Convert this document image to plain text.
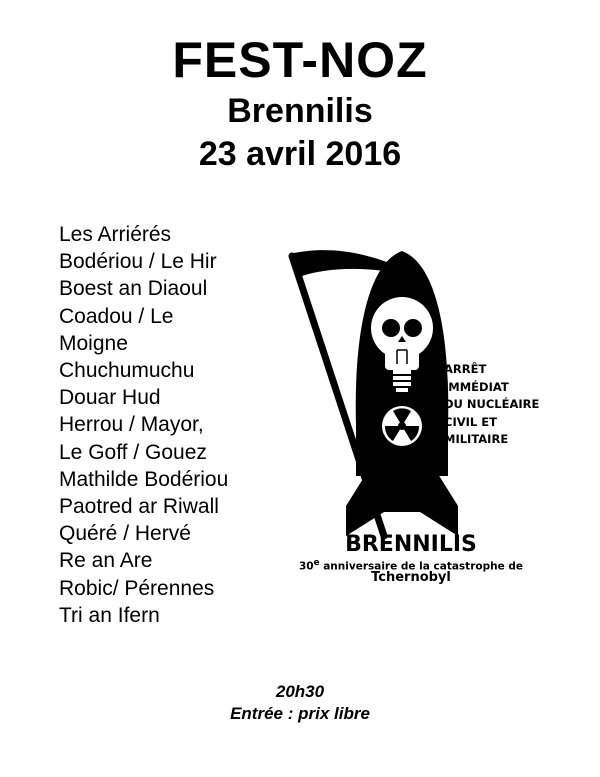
FEST-NOZ
Brennilis
23 avril 2016
Les Arriérés
Bodériou / Le Hir
Boest an Diaoul
Coadou / Le
Moigne
Chuchumuchu
Douar Hud
Herrou / Mayor,
Le Goff / Gouez
Mathilde Bodériou
Paotred ar Riwall
Quéré / Hervé
Re an Are
Robic/ Pérennes
Tri an Ifern
ARRÊT
IMMÉDIAT
DU NUCLÉAIRE
CIVIL ET
MILITAIRE
BRENNILIS
30e anniversaire de la catastrophe de
Tchernobyl
20h30
Entrée : prix libre
